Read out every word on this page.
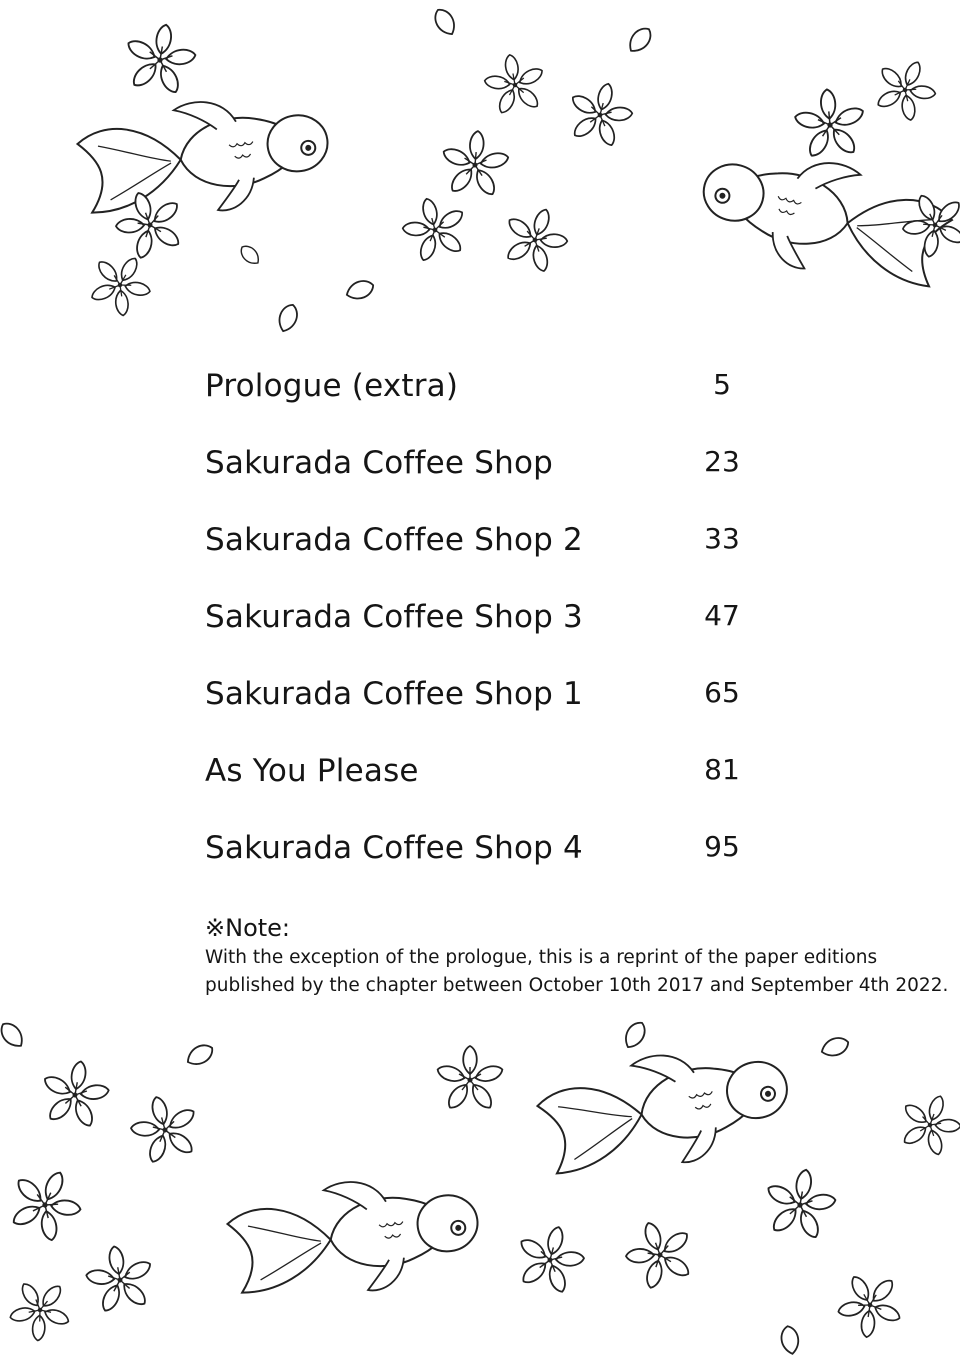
Prologue (extra)	5
Sakurada Coffee Shop	23
Sakurada Coffee Shop 2	33
Sakurada Coffee Shop 3	47
Sakurada Coffee Shop 1	65
As You Please	81
Sakurada Coffee Shop 4	95
※Note:
With the exception of the prologue, this is a reprint of the paper editions
published by the chapter between October 10th 2017 and September 4th 2022.
